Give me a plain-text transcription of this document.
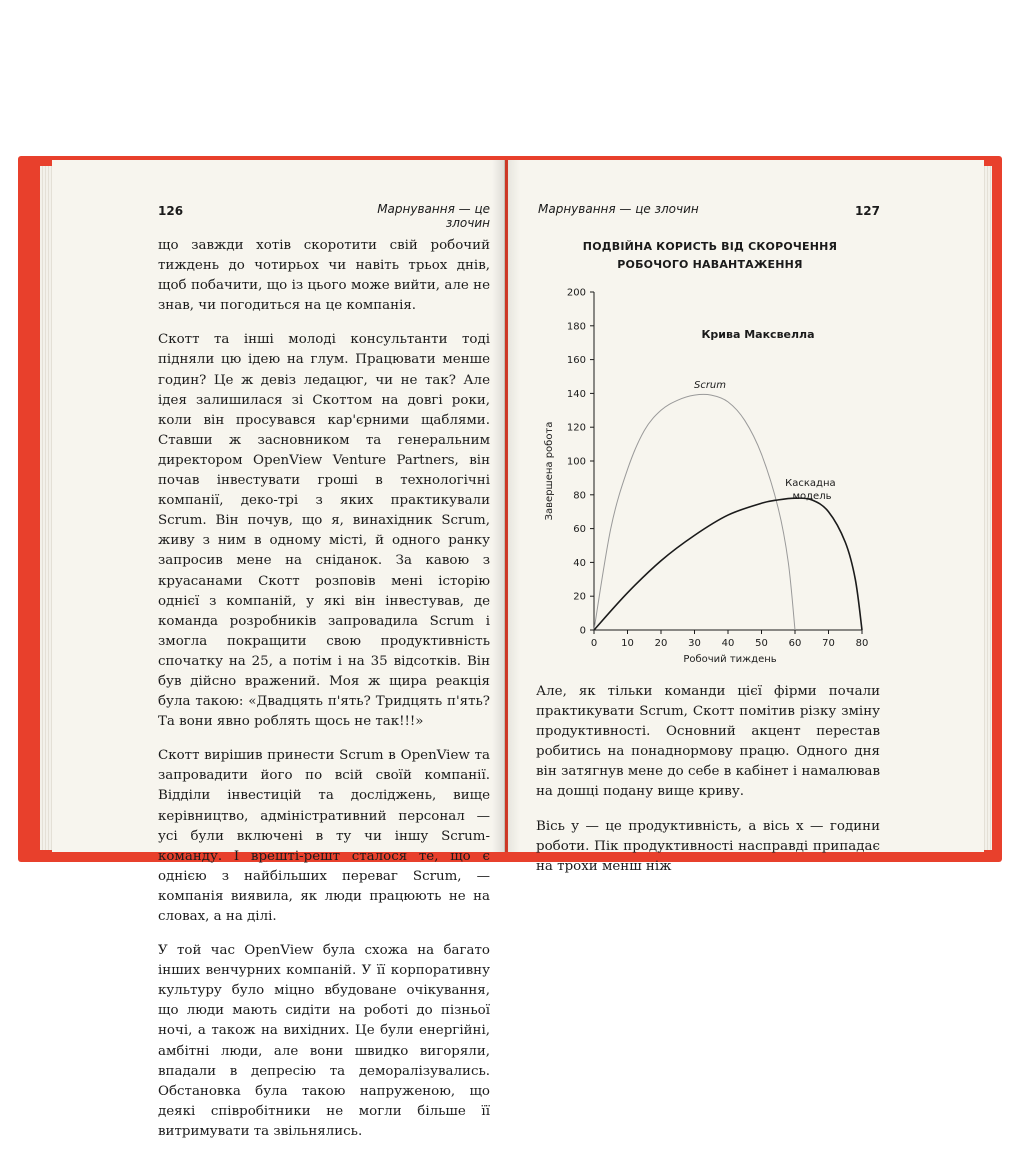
126	Марнування — це злочин

що завжди хотів скоротити свій робочий тиждень до чотирьох чи навіть трьох днів, щоб побачити, що із цього може вийти, але не знав, чи погодиться на це компанія.

Скотт та інші молоді консультанти тоді підняли цю ідею на глум. Працювати менше годин? Це ж девіз ледацюг, чи не так? Але ідея залишилася зі Скоттом на довгі роки, коли він просувався кар'єрними щаблями. Ставши ж засновником та генеральним директором OpenView Venture Partners, він почав інвестувати гроші в технологічні компанії, деко-трі з яких практикували Scrum. Він почув, що я, винахідник Scrum, живу з ним в одному місті, й одного ранку запросив мене на сніданок. За кавою з круасанами Скотт розповів мені історію однієї з компаній, у які він інвестував, де команда розробників запровадила Scrum і змогла покращити свою продуктивність спочатку на 25, а потім і на 35 відсотків. Він був дійсно вражений. Моя ж щира реакція була такою: «Двадцять п'ять? Тридцять п'ять? Та вони явно роблять щось не так!!!»

Скотт вирішив принести Scrum в OpenView та запровадити його по всій своїй компанії. Відділи інвестицій та досліджень, вище керівництво, адміністративний персонал — усі були включені в ту чи іншу Scrum-команду. І врешті-решт сталося те, що є однією з найбільших переваг Scrum, — компанія виявила, як люди працюють не на словах, а на ділі.

У той час OpenView була схожа на багато інших венчурних компаній. У її корпоративну культуру було міцно вбудоване очікування, що люди мають сидіти на роботі до пізньої ночі, а також на вихідних. Це були енергійні, амбітні люди, але вони швидко вигоряли, впадали в депресію та деморалізувались. Обстановка була такою напруженою, що деякі співробітники не могли більше її витримувати та звільнялись.

Марнування — це злочин	127
ПОДВІЙНА КОРИСТЬ ВІД СКОРОЧЕННЯ
РОБОЧОГО НАВАНТАЖЕННЯ
0
20
40
60
80
100
120
140
160
180
200
0 10 20 30 40 50 60 70 80
Крива Максвелла
Завершена робота
Робочий тиждень
Scrum
Каскадна модель

Але, як тільки команди цієї фірми почали практикувати Scrum, Скотт помітив різку зміну продуктивності. Основний акцент перестав робитись на понаднормову працю. Одного дня він затягнув мене до себе в кабінет і намалював на дошці подану вище криву.

Вісь y — це продуктивність, а вісь x — години роботи. Пік продуктивності насправді припадає на трохи менш ніж
